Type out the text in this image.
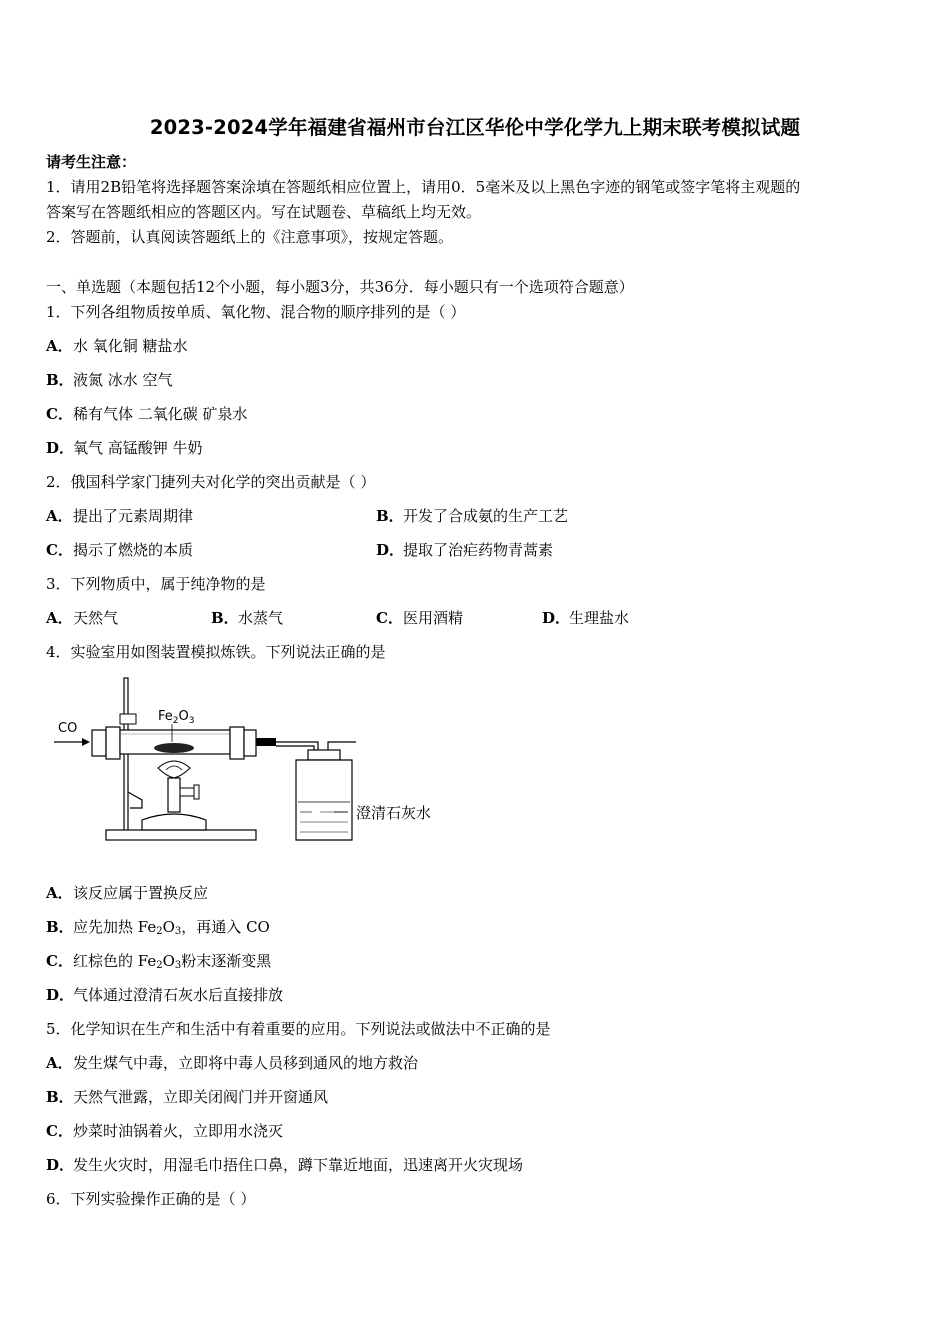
2023-2024学年福建省福州市台江区华伦中学化学九上期末联考模拟试题
请考生注意：
1．请用2B铅笔将选择题答案涂填在答题纸相应位置上，请用0．5毫米及以上黑色字迹的钢笔或签字笔将主观题的
答案写在答题纸相应的答题区内。写在试题卷、草稿纸上均无效。
2．答题前，认真阅读答题纸上的《注意事项》，按规定答题。
一、单选题（本题包括12个小题，每小题3分，共36分．每小题只有一个选项符合题意）
1．下列各组物质按单质、氧化物、混合物的顺序排列的是（ ）
A．水 氧化铜 糖盐水
B．液氮 冰水 空气
C．稀有气体 二氧化碳 矿泉水
D．氧气 高锰酸钾 牛奶
2．俄国科学家门捷列夫对化学的突出贡献是（ ）
A．提出了元素周期律	B．开发了合成氨的生产工艺
C．揭示了燃烧的本质	D．提取了治疟药物青蒿素
3．下列物质中，属于纯净物的是
A．天然气	B．水蒸气	C．医用酒精	D．生理盐水
4．实验室用如图装置模拟炼铁。下列说法正确的是
CO
$Fe_2O_3$
澄清石灰水
A．该反应属于置换反应
B．应先加热 $Fe_2O_3$，再通入 CO
C．红棕色的 $Fe_2O_3$粉末逐渐变黑
D．气体通过澄清石灰水后直接排放
5．化学知识在生产和生活中有着重要的应用。下列说法或做法中不正确的是
A．发生煤气中毒，立即将中毒人员移到通风的地方救治
B．天然气泄露，立即关闭阀门并开窗通风
C．炒菜时油锅着火，立即用水浇灭
D．发生火灾时，用湿毛巾捂住口鼻，蹲下靠近地面，迅速离开火灾现场
6．下列实验操作正确的是（ ）
